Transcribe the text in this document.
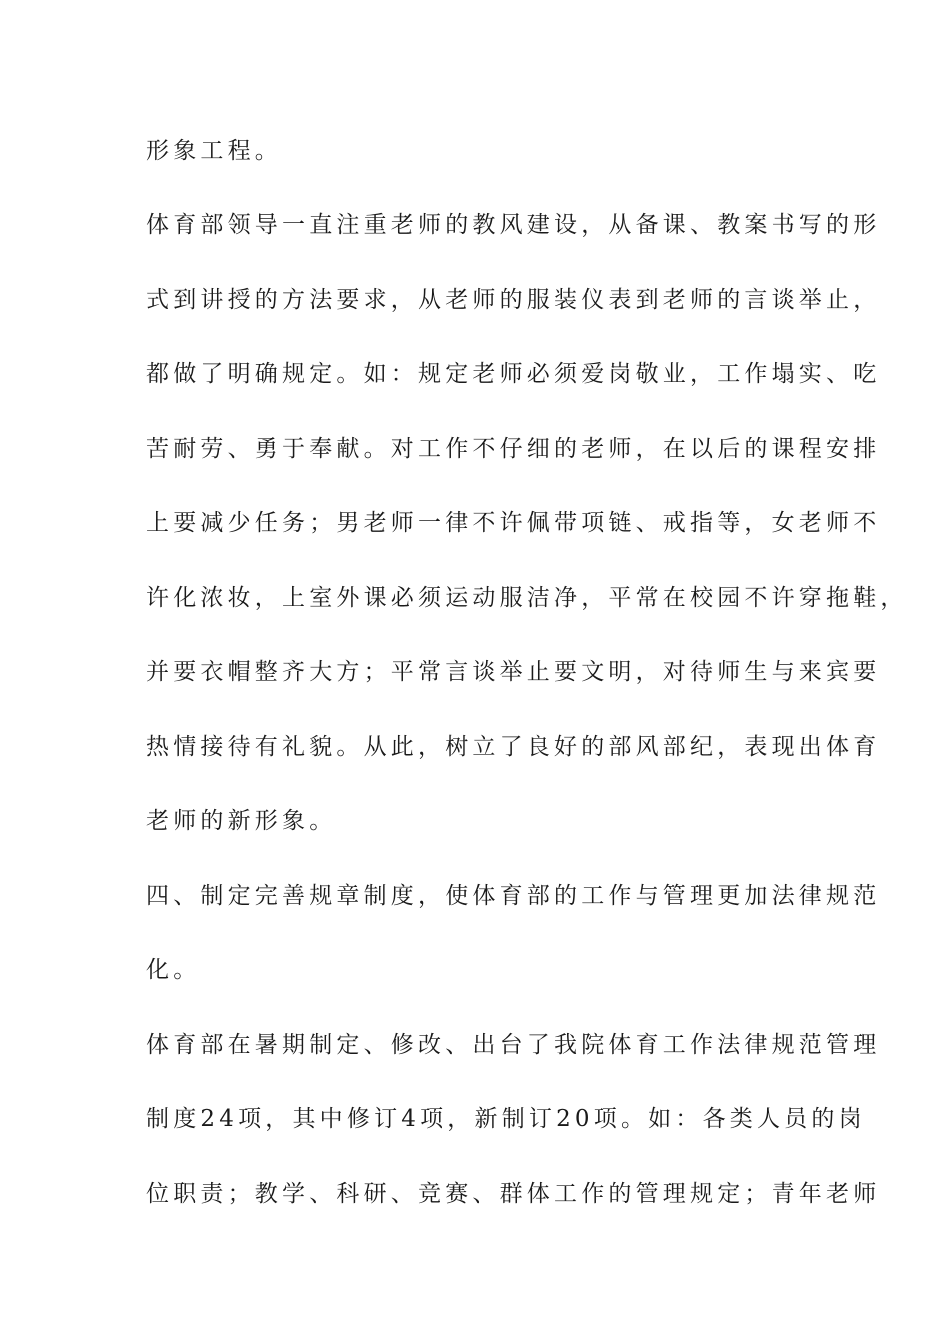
形象工程。
体育部领导一直注重老师的教风建设，从备课、教案书写的形
式到讲授的方法要求，从老师的服装仪表到老师的言谈举止，
都做了明确规定。如：规定老师必须爱岗敬业，工作塌实、吃
苦耐劳、勇于奉献。对工作不仔细的老师，在以后的课程安排
上要减少任务；男老师一律不许佩带项链、戒指等，女老师不
许化浓妆，上室外课必须运动服洁净，平常在校园不许穿拖鞋，
并要衣帽整齐大方；平常言谈举止要文明，对待师生与来宾要
热情接待有礼貌。从此，树立了良好的部风部纪，表现出体育
老师的新形象。
四、制定完善规章制度，使体育部的工作与管理更加法律规范
化。
体育部在暑期制定、修改、出台了我院体育工作法律规范管理
制度24项，其中修订4项，新制订20项。如：各类人员的岗
位职责；教学、科研、竞赛、群体工作的管理规定；青年老师
